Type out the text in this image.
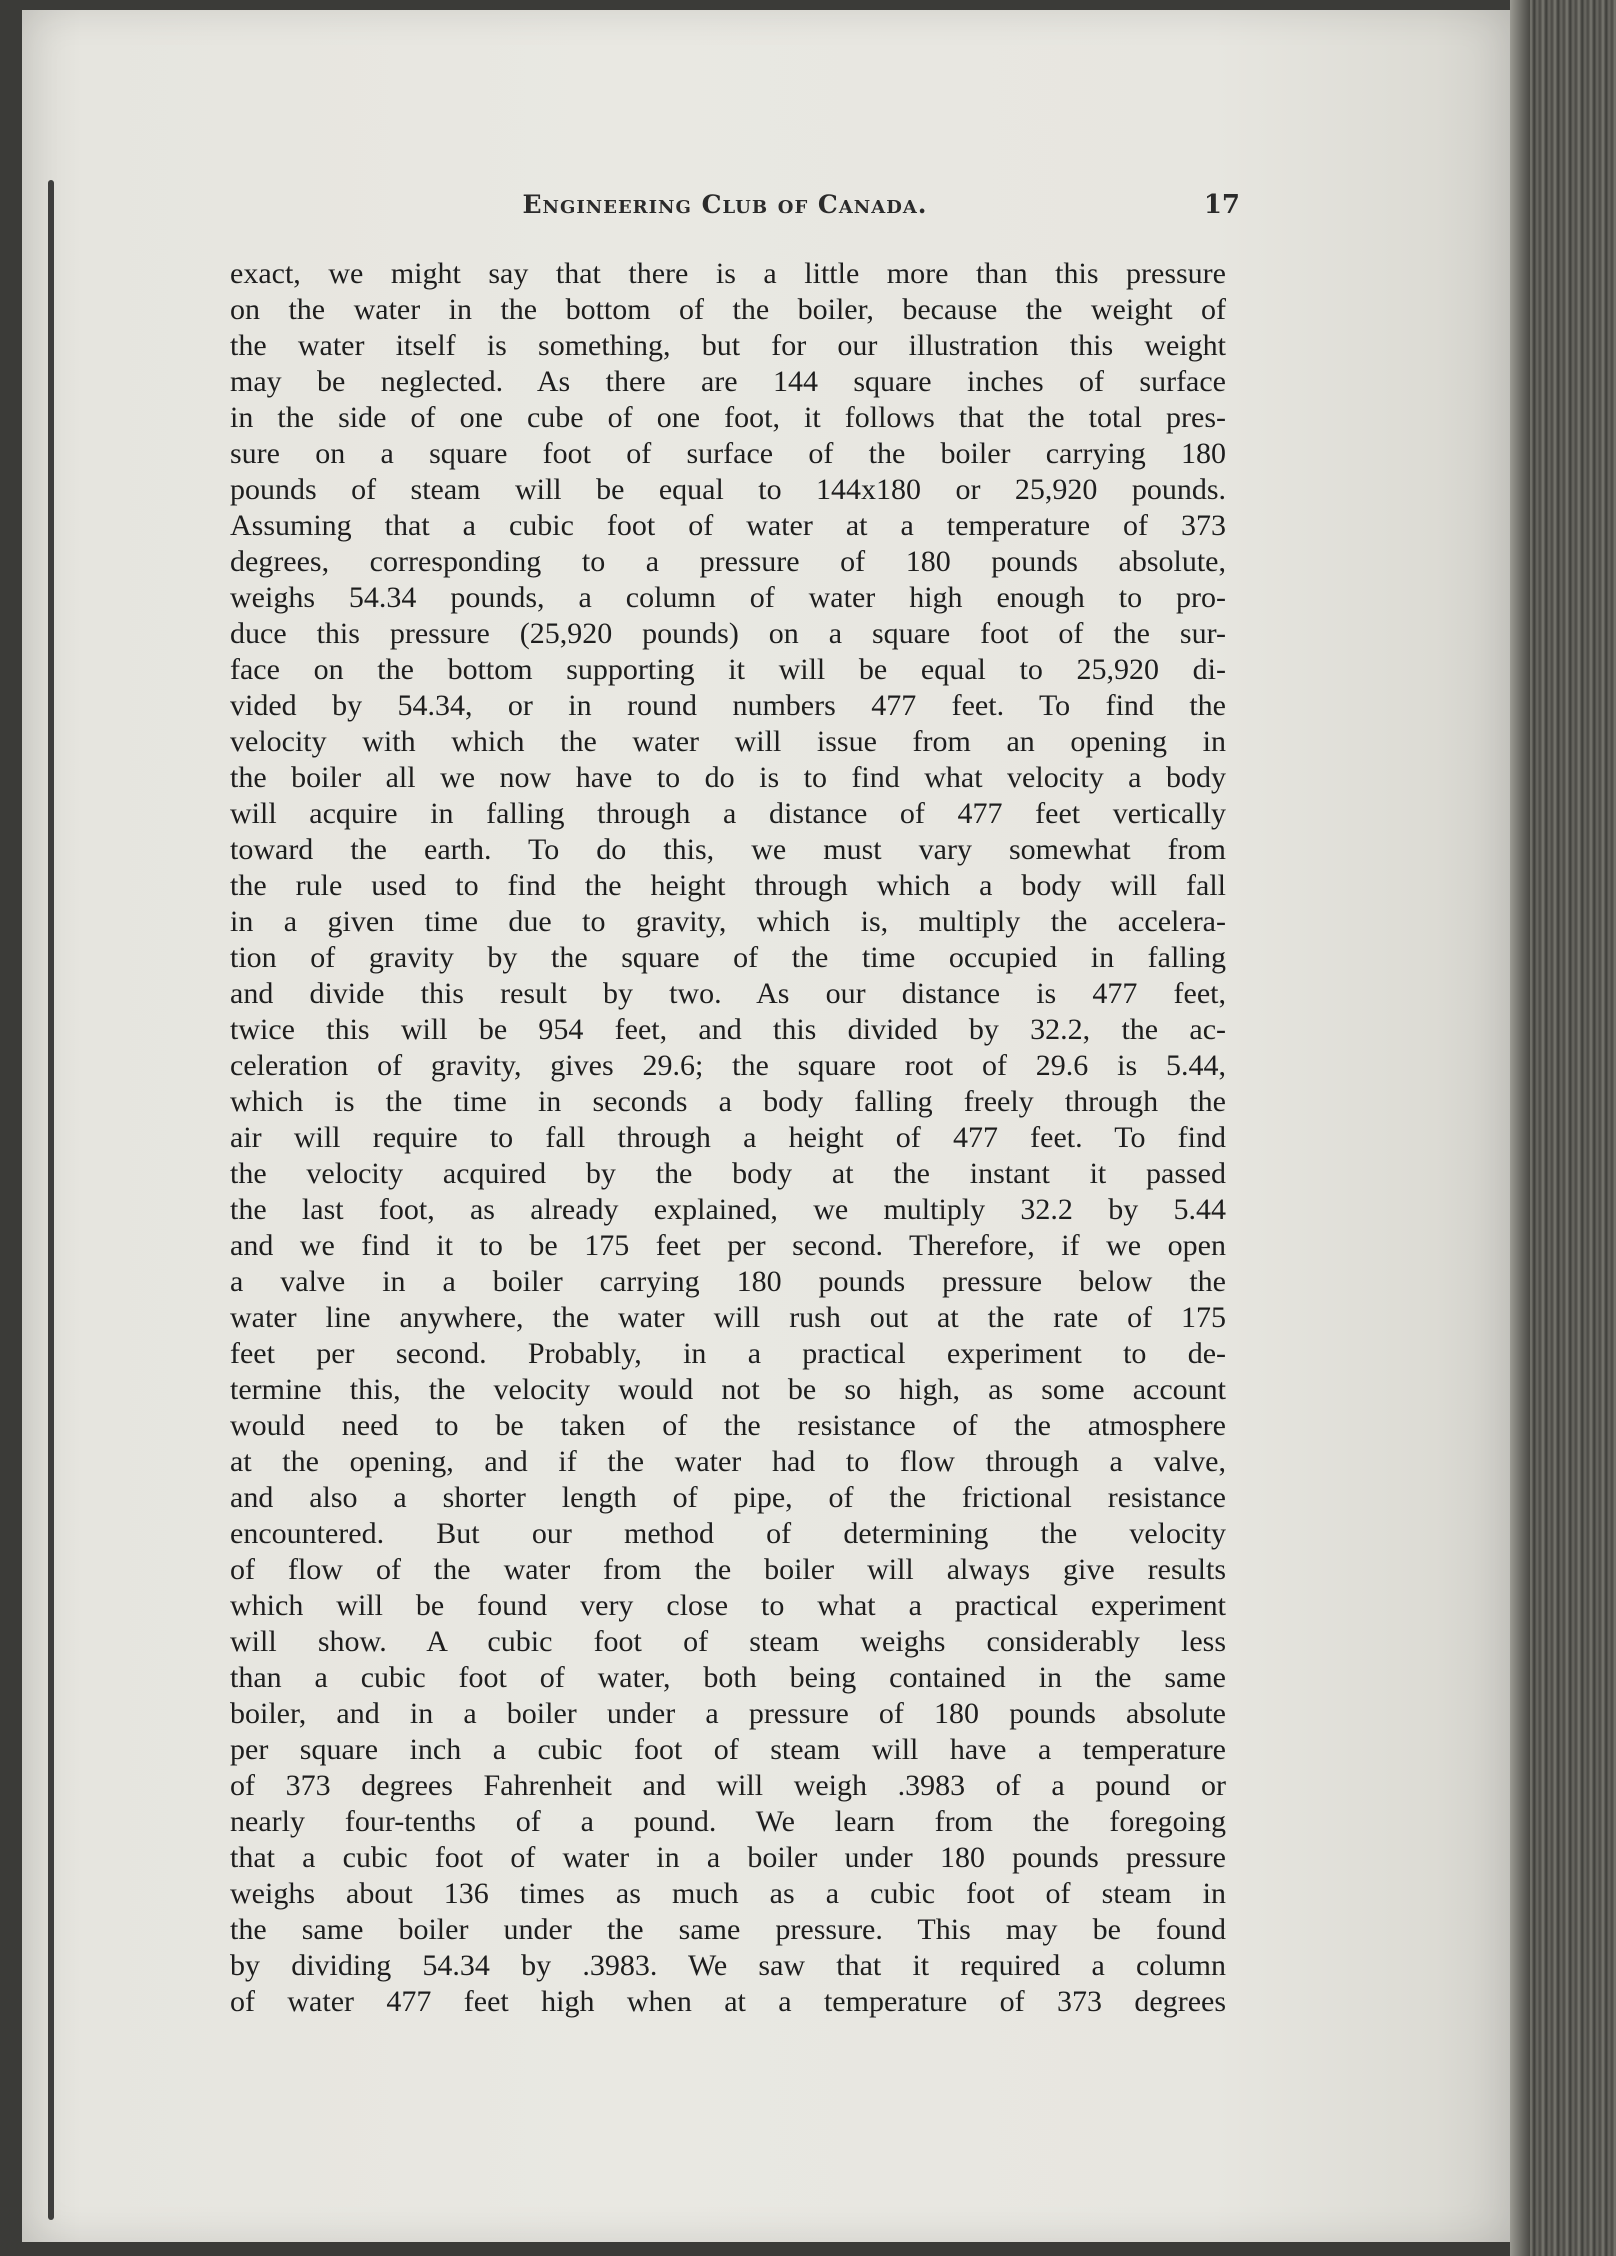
Engineering Club of Canada.	17
exact, we might say that there is a little more than this pressure
on the water in the bottom of the boiler, because the weight of
the water itself is something, but for our illustration this weight
may be neglected. As there are 144 square inches of surface
in the side of one cube of one foot, it follows that the total pres-
sure on a square foot of surface of the boiler carrying 180
pounds of steam will be equal to 144x180 or 25,920 pounds.
Assuming that a cubic foot of water at a temperature of 373
degrees, corresponding to a pressure of 180 pounds absolute,
weighs 54.34 pounds, a column of water high enough to pro-
duce this pressure (25,920 pounds) on a square foot of the sur-
face on the bottom supporting it will be equal to 25,920 di-
vided by 54.34, or in round numbers 477 feet. To find the
velocity with which the water will issue from an opening in
the boiler all we now have to do is to find what velocity a body
will acquire in falling through a distance of 477 feet vertically
toward the earth. To do this, we must vary somewhat from
the rule used to find the height through which a body will fall
in a given time due to gravity, which is, multiply the accelera-
tion of gravity by the square of the time occupied in falling
and divide this result by two. As our distance is 477 feet,
twice this will be 954 feet, and this divided by 32.2, the ac-
celeration of gravity, gives 29.6; the square root of 29.6 is 5.44,
which is the time in seconds a body falling freely through the
air will require to fall through a height of 477 feet. To find
the velocity acquired by the body at the instant it passed
the last foot, as already explained, we multiply 32.2 by 5.44
and we find it to be 175 feet per second. Therefore, if we open
a valve in a boiler carrying 180 pounds pressure below the
water line anywhere, the water will rush out at the rate of 175
feet per second. Probably, in a practical experiment to de-
termine this, the velocity would not be so high, as some account
would need to be taken of the resistance of the atmosphere
at the opening, and if the water had to flow through a valve,
and also a shorter length of pipe, of the frictional resistance
encountered. But our method of determining the velocity
of flow of the water from the boiler will always give results
which will be found very close to what a practical experiment
will show. A cubic foot of steam weighs considerably less
than a cubic foot of water, both being contained in the same
boiler, and in a boiler under a pressure of 180 pounds absolute
per square inch a cubic foot of steam will have a temperature
of 373 degrees Fahrenheit and will weigh .3983 of a pound or
nearly four-tenths of a pound. We learn from the foregoing
that a cubic foot of water in a boiler under 180 pounds pressure
weighs about 136 times as much as a cubic foot of steam in
the same boiler under the same pressure. This may be found
by dividing 54.34 by .3983. We saw that it required a column
of water 477 feet high when at a temperature of 373 degrees
